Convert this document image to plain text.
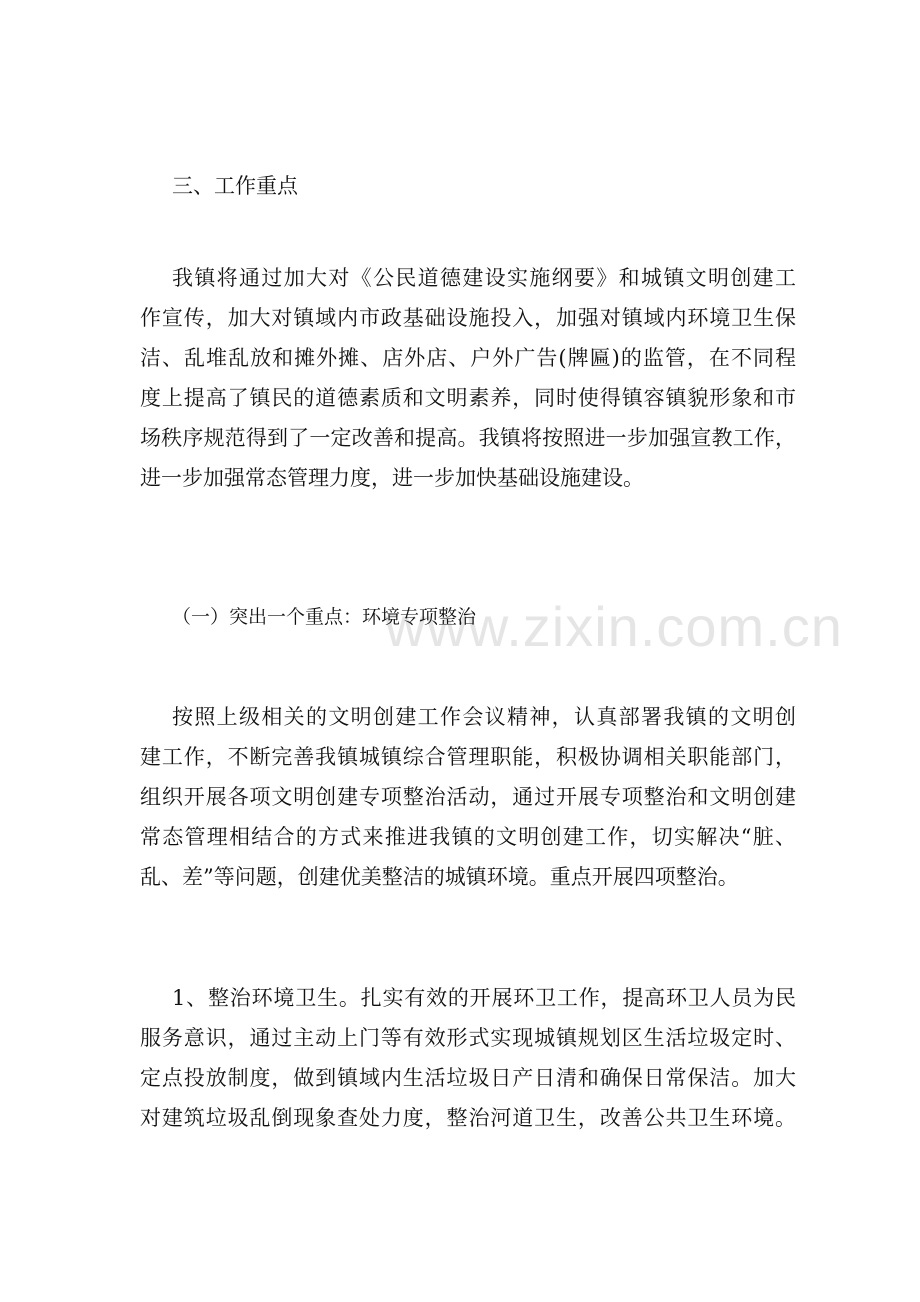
三、工作重点

我镇将通过加大对《公民道德建设实施纲要》和城镇文明创建工
作宣传，加大对镇域内市政基础设施投入，加强对镇域内环境卫生保
洁、乱堆乱放和摊外摊、店外店、户外广告(牌匾)的监管，在不同程
度上提高了镇民的道德素质和文明素养，同时使得镇容镇貌形象和市
场秩序规范得到了一定改善和提高。我镇将按照进一步加强宣教工作，
进一步加强常态管理力度，进一步加快基础设施建设。
www.zixin.com.cn

（一）突出一个重点：环境专项整治

按照上级相关的文明创建工作会议精神，认真部署我镇的文明创
建工作，不断完善我镇城镇综合管理职能，积极协调相关职能部门，
组织开展各项文明创建专项整治活动，通过开展专项整治和文明创建
常态管理相结合的方式来推进我镇的文明创建工作，切实解决“脏、
乱、差”等问题，创建优美整洁的城镇环境。重点开展四项整治。
1、整治环境卫生。扎实有效的开展环卫工作，提高环卫人员为民
服务意识，通过主动上门等有效形式实现城镇规划区生活垃圾定时、
定点投放制度，做到镇域内生活垃圾日产日清和确保日常保洁。加大
对建筑垃圾乱倒现象查处力度，整治河道卫生，改善公共卫生环境。
